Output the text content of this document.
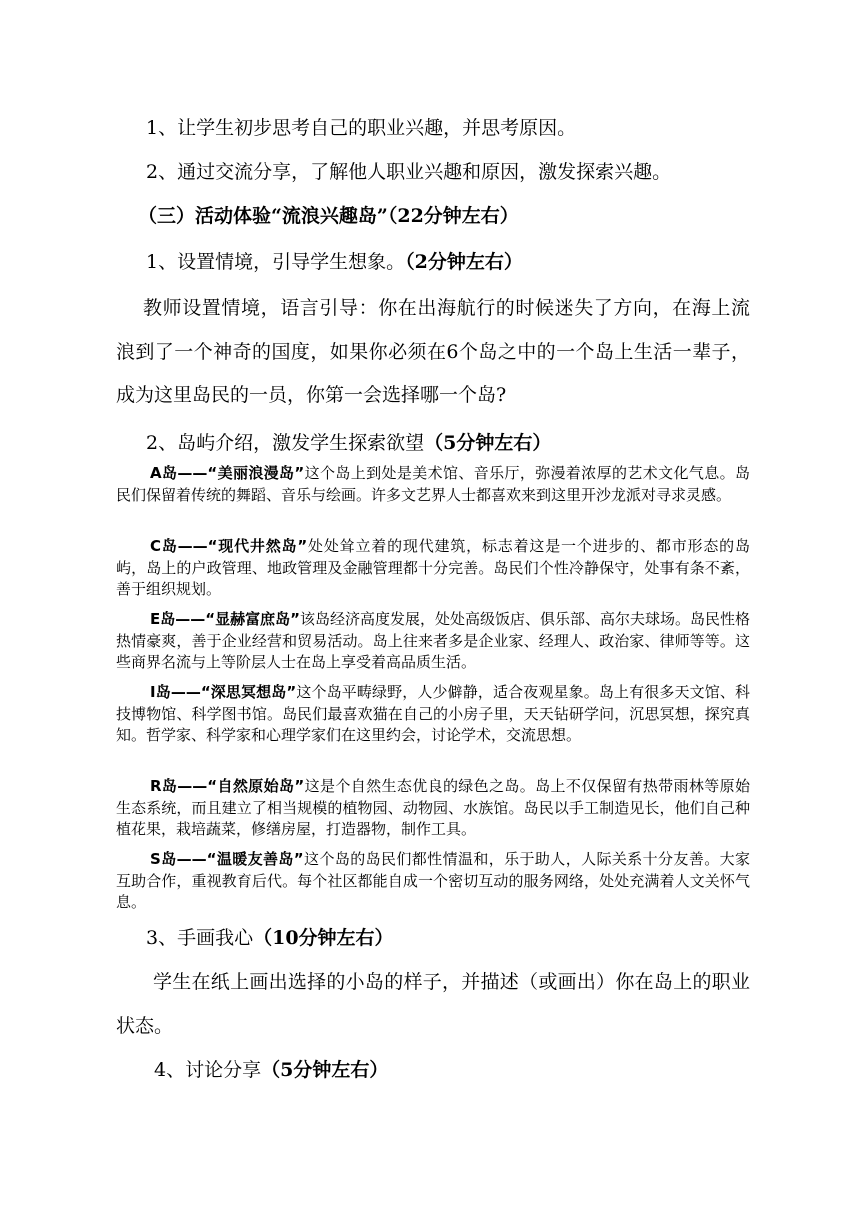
1、让学生初步思考自己的职业兴趣，并思考原因。
2、通过交流分享，了解他人职业兴趣和原因，激发探索兴趣。
（三）活动体验“流浪兴趣岛”（22分钟左右）
1、设置情境，引导学生想象。（2分钟左右）
教师设置情境，语言引导：你在出海航行的时候迷失了方向，在海上流浪到了一个神奇的国度，如果你必须在6个岛之中的一个岛上生活一辈子，成为这里岛民的一员，你第一会选择哪一个岛?
2、岛屿介绍，激发学生探索欲望（5分钟左右）
A岛——“美丽浪漫岛”这个岛上到处是美术馆、音乐厅，弥漫着浓厚的艺术文化气息。岛民们保留着传统的舞蹈、音乐与绘画。许多文艺界人士都喜欢来到这里开沙龙派对寻求灵感。
C岛——“现代井然岛”处处耸立着的现代建筑，标志着这是一个进步的、都市形态的岛屿，岛上的户政管理、地政管理及金融管理都十分完善。岛民们个性冷静保守，处事有条不紊，善于组织规划。
E岛——“显赫富庶岛”该岛经济高度发展，处处高级饭店、俱乐部、高尔夫球场。岛民性格热情豪爽，善于企业经营和贸易活动。岛上往来者多是企业家、经理人、政治家、律师等等。这些商界名流与上等阶层人士在岛上享受着高品质生活。
I岛——“深思冥想岛”这个岛平畴绿野，人少僻静，适合夜观星象。岛上有很多天文馆、科技博物馆、科学图书馆。岛民们最喜欢猫在自己的小房子里，天天钻研学问，沉思冥想，探究真知。哲学家、科学家和心理学家们在这里约会，讨论学术，交流思想。
R岛——“自然原始岛”这是个自然生态优良的绿色之岛。岛上不仅保留有热带雨林等原始生态系统，而且建立了相当规模的植物园、动物园、水族馆。岛民以手工制造见长，他们自己种植花果，栽培蔬菜，修缮房屋，打造器物，制作工具。
S岛——“温暖友善岛”这个岛的岛民们都性情温和，乐于助人，人际关系十分友善。大家互助合作，重视教育后代。每个社区都能自成一个密切互动的服务网络，处处充满着人文关怀气息。
3、手画我心（10分钟左右）
学生在纸上画出选择的小岛的样子，并描述（或画出）你在岛上的职业状态。
4、讨论分享（5分钟左右）
